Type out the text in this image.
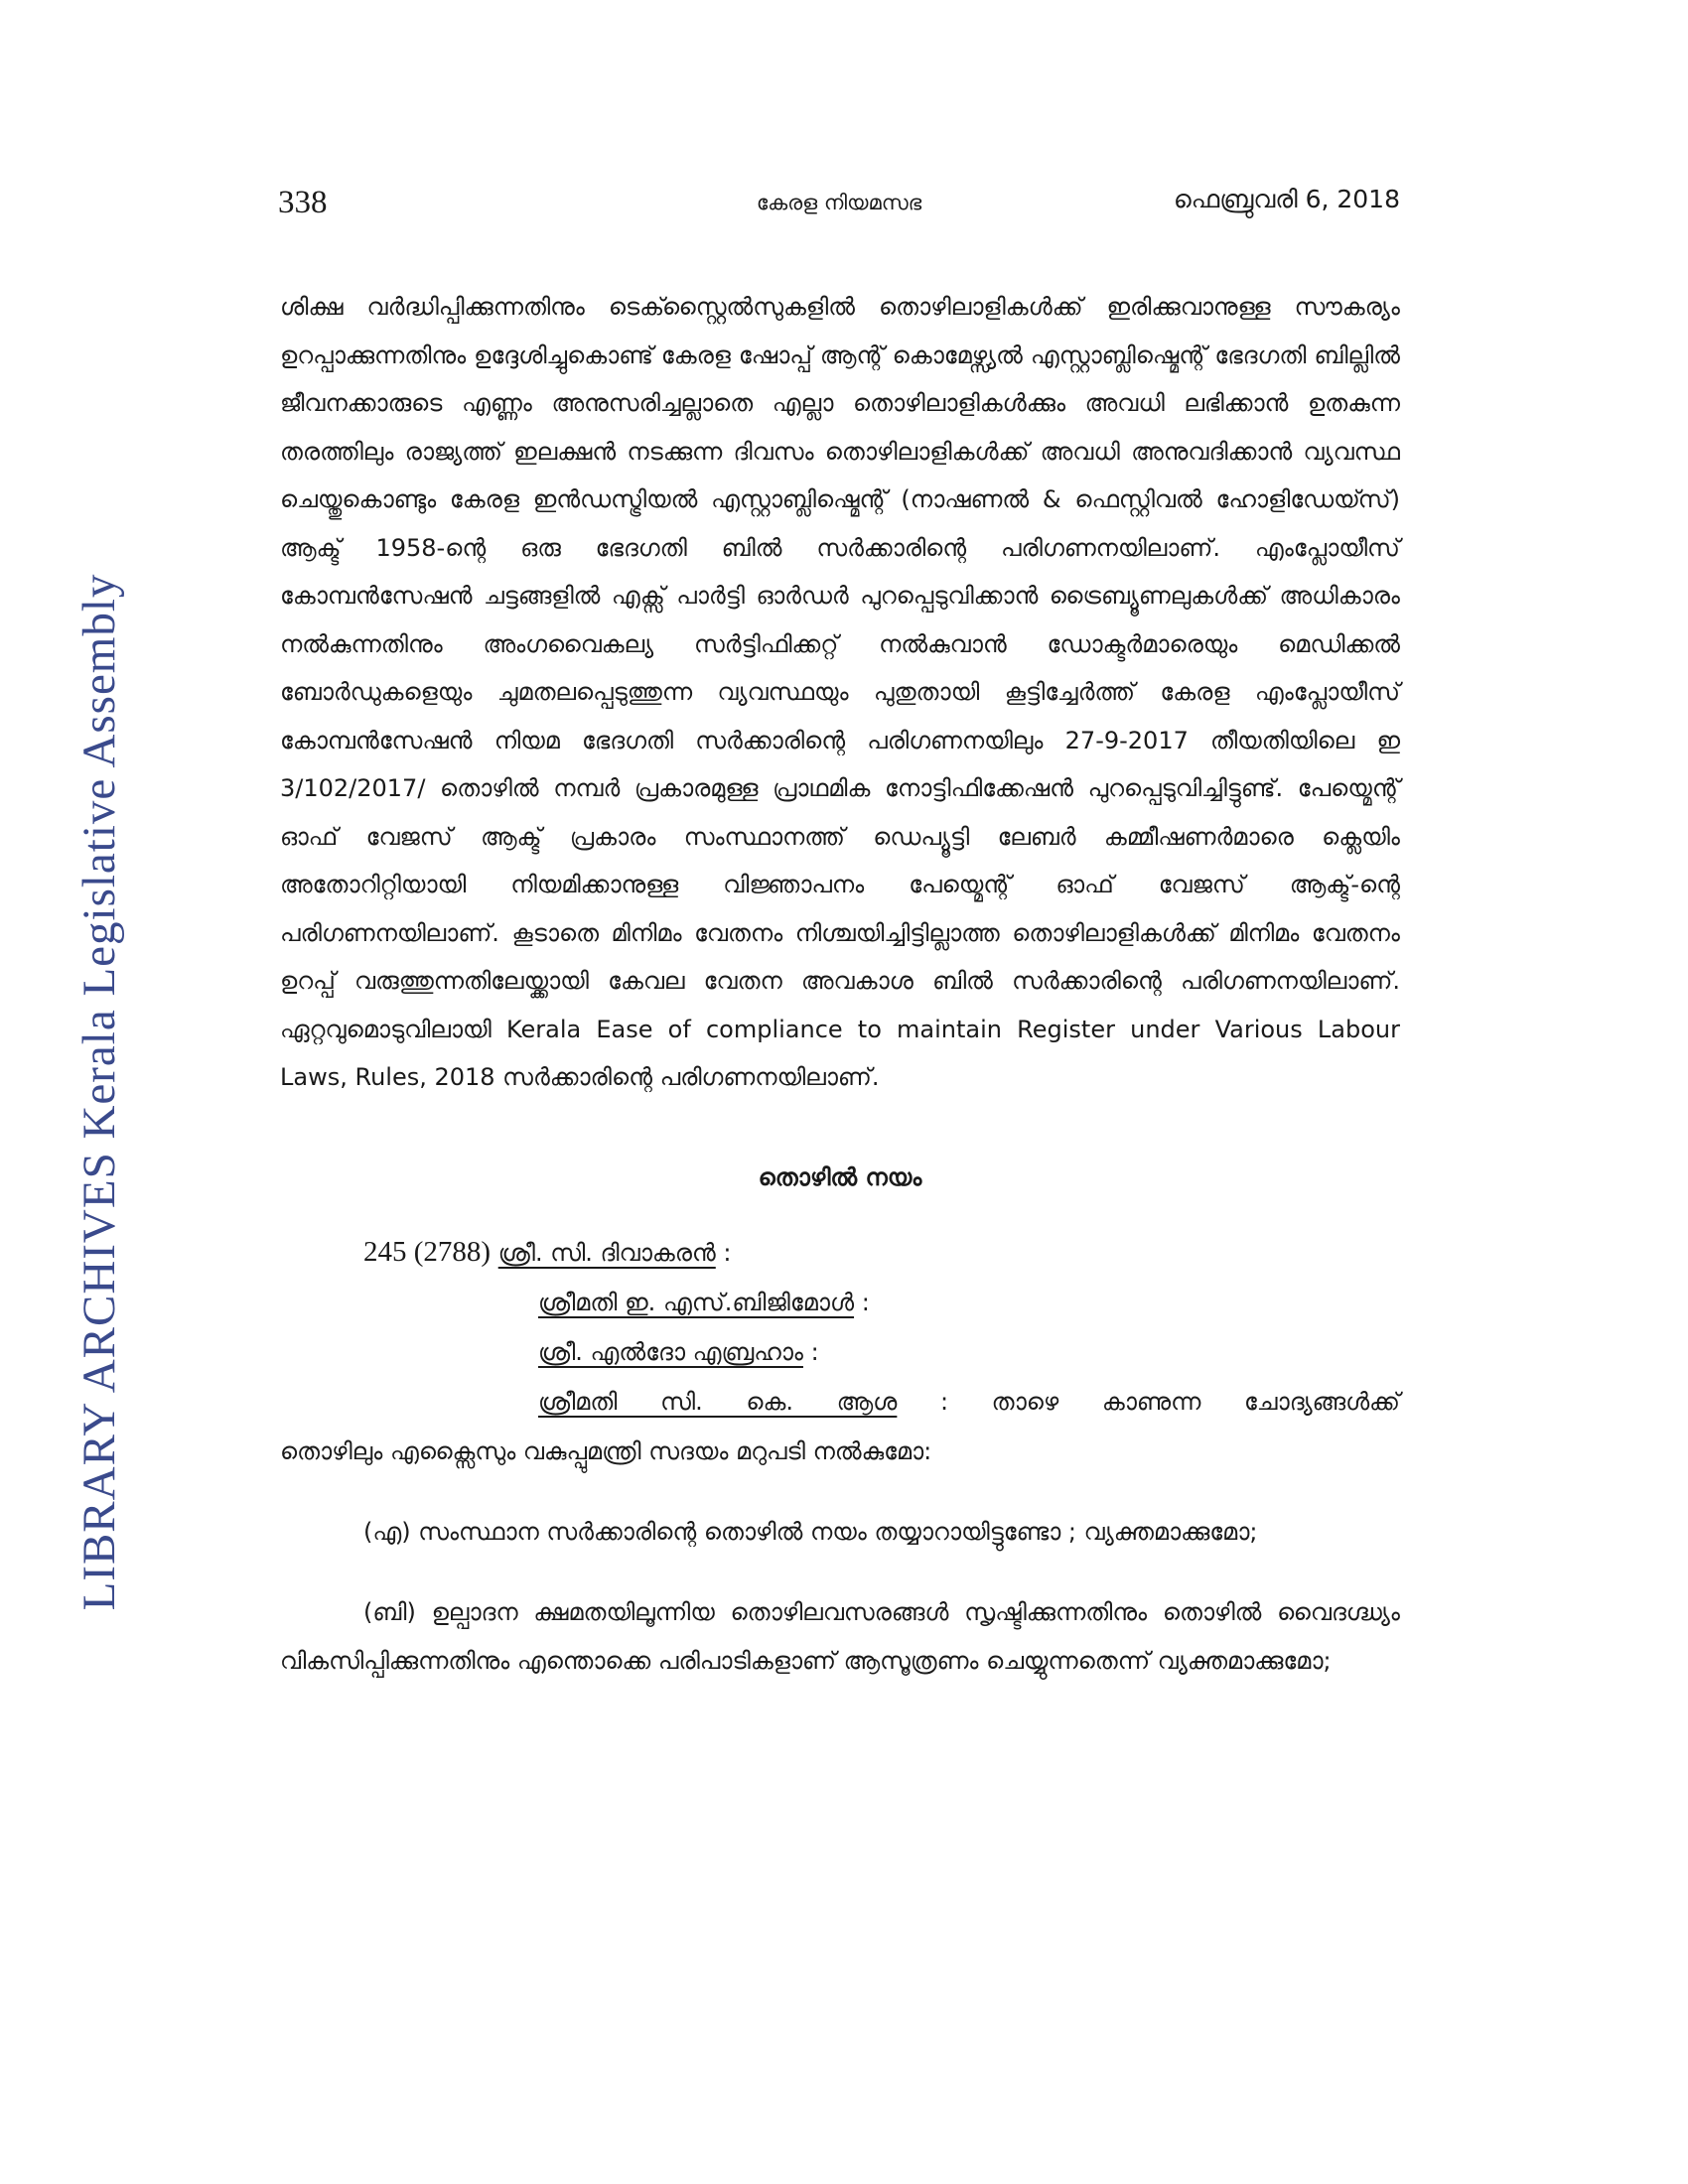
LIBRARY ARCHIVES Kerala Legislative Assembly
338	കേരള നിയമസഭ	ഫെബ്രുവരി 6, 2018

ശിക്ഷ വർദ്ധിപ്പിക്കുന്നതിനും ടെക്സ്റ്റൈൽസുകളിൽ തൊഴിലാളികൾക്ക് ഇരിക്കുവാനുള്ള സൗകര്യം ഉറപ്പാക്കുന്നതിനും ഉദ്ദേശിച്ചുകൊണ്ട് കേരള ഷോപ്പ് ആന്റ് കൊമേഴ്സ്യൽ എസ്റ്റാബ്ലിഷ്മെന്റ് ഭേദഗതി ബില്ലിൽ ജീവനക്കാരുടെ എണ്ണം അനുസരിച്ചല്ലാതെ എല്ലാ തൊഴിലാളികൾക്കും അവധി ലഭിക്കാൻ ഉതകുന്ന തരത്തിലും രാജ്യത്ത് ഇലക്ഷൻ നടക്കുന്ന ദിവസം തൊഴിലാളികൾക്ക് അവധി അനുവദിക്കാൻ വ്യവസ്ഥ ചെയ്തുകൊണ്ടും കേരള ഇൻഡസ്ട്രിയൽ എസ്റ്റാബ്ലിഷ്മെന്റ് (നാഷണൽ & ഫെസ്റ്റിവൽ ഹോളിഡേയ്സ്) ആക്ട് 1958-ന്റെ ഒരു ഭേദഗതി ബിൽ സർക്കാരിന്റെ പരിഗണനയിലാണ്. എംപ്ലോയീസ് കോമ്പൻസേഷൻ ചട്ടങ്ങളിൽ എക്സ് പാർട്ടി ഓർഡർ പുറപ്പെടുവിക്കാൻ ട്രൈബ്യൂണലുകൾക്ക് അധികാരം നൽകുന്നതിനും അംഗവൈകല്യ സർട്ടിഫിക്കറ്റ് നൽകുവാൻ ഡോക്ടർമാരെയും മെഡിക്കൽ ബോർഡുകളെയും ചുമതലപ്പെടുത്തുന്ന വ്യവസ്ഥയും പുതുതായി കൂട്ടിച്ചേർത്ത് കേരള എംപ്ലോയീസ് കോമ്പൻസേഷൻ നിയമ ഭേദഗതി സർക്കാരിന്റെ പരിഗണനയിലും 27-9-2017 തീയതിയിലെ ഇ 3/102/2017/ തൊഴിൽ നമ്പർ പ്രകാരമുള്ള പ്രാഥമിക നോട്ടിഫിക്കേഷൻ പുറപ്പെടുവിച്ചിട്ടുണ്ട്. പേയ്മെന്റ് ഓഫ് വേജസ് ആക്ട് പ്രകാരം സംസ്ഥാനത്ത് ഡെപ്യൂട്ടി ലേബർ കമ്മീഷണർമാരെ ക്ലെയിം അതോറിറ്റിയായി നിയമിക്കാനുള്ള വിജ്ഞാപനം പേയ്മെന്റ് ഓഫ് വേജസ് ആക്ട്-ന്റെ പരിഗണനയിലാണ്. കൂടാതെ മിനിമം വേതനം നിശ്ചയിച്ചിട്ടില്ലാത്ത തൊഴിലാളികൾക്ക് മിനിമം വേതനം ഉറപ്പ് വരുത്തുന്നതിലേയ്ക്കായി കേവല വേതന അവകാശ ബിൽ സർക്കാരിന്റെ പരിഗണനയിലാണ്. ഏറ്റവുമൊടുവിലായി Kerala Ease of compliance to maintain Register under Various Labour Laws, Rules, 2018 സർക്കാരിന്റെ പരിഗണനയിലാണ്.

തൊഴിൽ നയം
245 (2788) ശ്രീ. സി. ദിവാകരൻ :
ശ്രീമതി ഇ. എസ്.ബിജിമോൾ :
ശ്രീ. എൽദോ എബ്രഹാം :
ശ്രീമതി സി. കെ. ആശ : താഴെ കാണുന്ന ചോദ്യങ്ങൾക്ക്
തൊഴിലും എക്സൈസും വകുപ്പുമന്ത്രി സദയം മറുപടി നൽകുമോ:

(എ) സംസ്ഥാന സർക്കാരിന്റെ തൊഴിൽ നയം തയ്യാറായിട്ടുണ്ടോ ; വ്യക്തമാക്കുമോ;

(ബി) ഉല്പാദന ക്ഷമതയിലൂന്നിയ തൊഴിലവസരങ്ങൾ സൃഷ്ടിക്കുന്നതിനും തൊഴിൽ വൈദഗ്ദ്ധ്യം വികസിപ്പിക്കുന്നതിനും എന്തൊക്കെ പരിപാടികളാണ് ആസൂത്രണം ചെയ്യുന്നതെന്ന് വ്യക്തമാക്കുമോ;
